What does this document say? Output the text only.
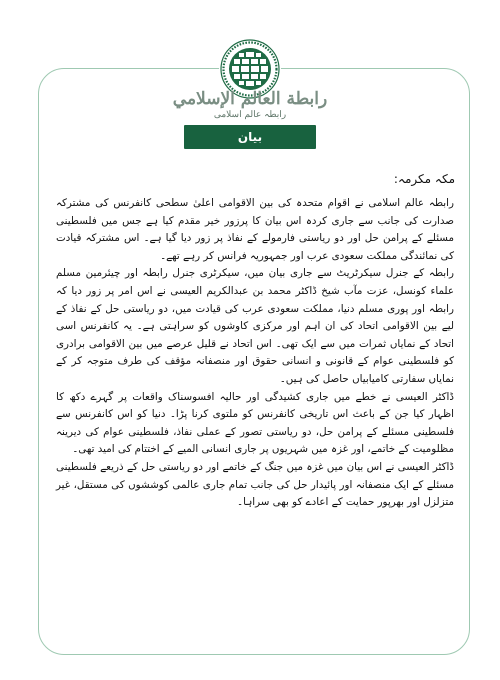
رابطة العالم الإسلامي
رابطہ عالم اسلامی
بیان
مکہ مکرمہ:

رابطہ عالم اسلامی نے اقوام متحدہ کی بین الاقوامی اعلیٰ سطحی کانفرنس کی مشترکہ صدارت کی جانب سے جاری کردہ اس بیان کا پرزور خیر مقدم کیا ہے جس میں فلسطینی مسئلے کے پرامن حل اور دو ریاستی فارمولے کے نفاذ پر زور دیا گیا ہے۔ اس مشترکہ قیادت کی نمائندگی مملکت سعودی عرب اور جمہوریہ فرانس کر رہے تھے۔

رابطہ کے جنرل سیکرٹریٹ سے جاری بیان میں، سیکرٹری جنرل رابطہ اور چیئرمین مسلم علماء کونسل، عزت مآب شیخ ڈاکٹر محمد بن عبدالکریم العیسی نے اس امر پر زور دیا کہ رابطہ اور پوری مسلم دنیا، مملکت سعودی عرب کی قیادت میں، دو ریاستی حل کے نفاذ کے لیے بین الاقوامی اتحاد کی ان اہم اور مرکزی کاوشوں کو سراہتی ہے۔ یہ کانفرنس اسی اتحاد کے نمایاں ثمرات میں سے ایک تھی۔ اس اتحاد نے قلیل عرصے میں بین الاقوامی برادری کو فلسطینی عوام کے قانونی و انسانی حقوق اور منصفانہ مؤقف کی طرف متوجہ کر کے نمایاں سفارتی کامیابیاں حاصل کی ہیں۔

ڈاکٹر العیسی نے خطے میں جاری کشیدگی اور حالیہ افسوسناک واقعات پر گہرے دکھ کا اظہار کیا جن کے باعث اس تاریخی کانفرنس کو ملتوی کرنا پڑا۔ دنیا کو اس کانفرنس سے فلسطینی مسئلے کے پرامن حل، دو ریاستی تصور کے عملی نفاذ، فلسطینی عوام کی دیرینہ مظلومیت کے خاتمے، اور غزہ میں شہریوں پر جاری انسانی المیے کے اختتام کی امید تھی۔

ڈاکٹر العیسی نے اس بیان میں غزہ میں جنگ کے خاتمے اور دو ریاستی حل کے ذریعے فلسطینی مسئلے کے ایک منصفانہ اور پائیدار حل کی جانب تمام جاری عالمی کوششوں کی مستقل، غیر متزلزل اور بھرپور حمایت کے اعادے کو بھی سراہا۔
